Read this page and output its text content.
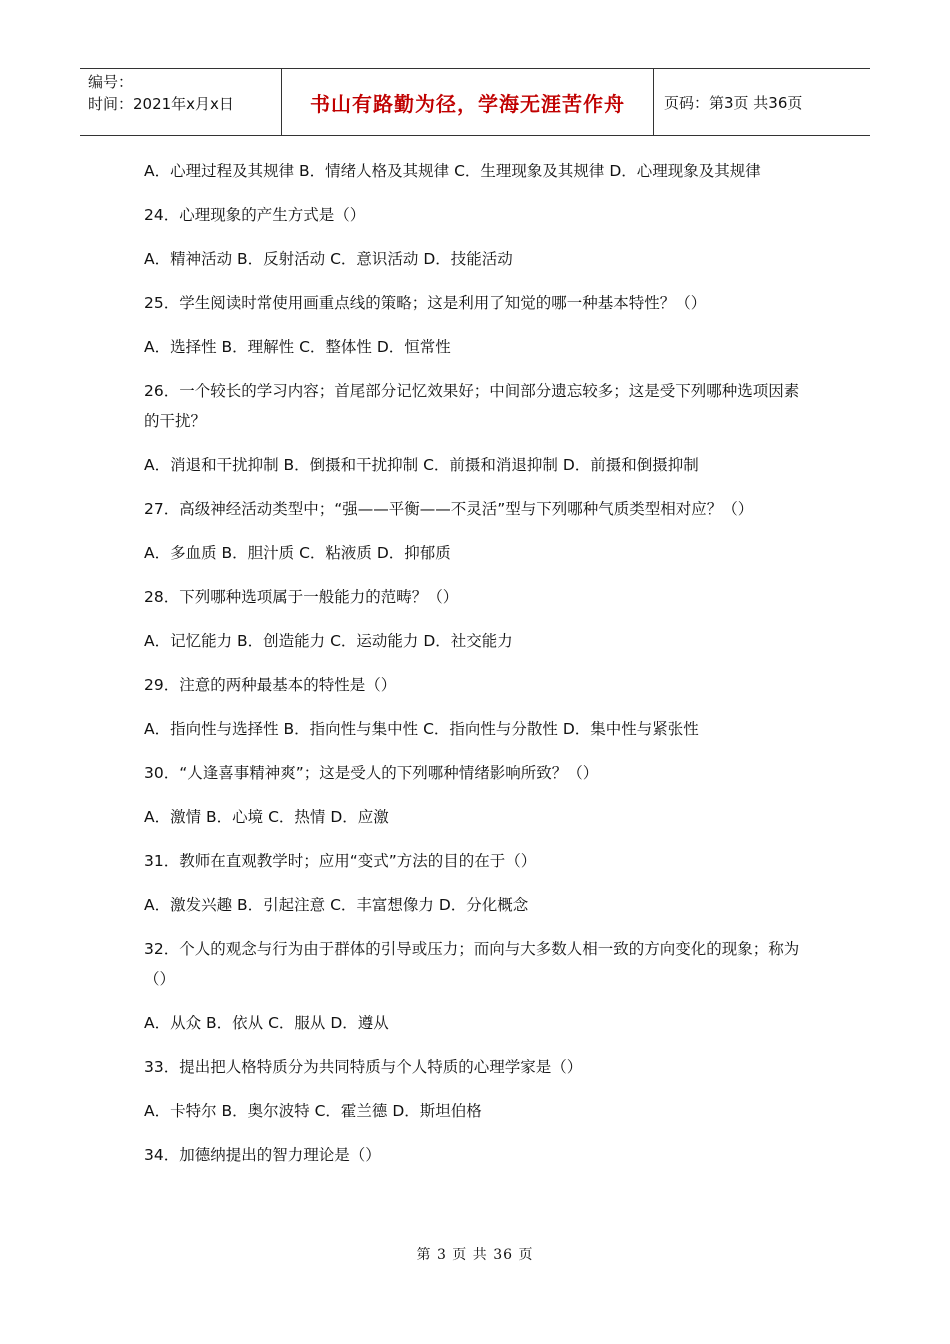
编号：
时间：2021年x月x日	书山有路勤为径，学海无涯苦作舟	页码：第3页 共36页

A．心理过程及其规律 B．情绪人格及其规律 C．生理现象及其规律 D．心理现象及其规律

24．心理现象的产生方式是（）

A．精神活动 B．反射活动 C．意识活动 D．技能活动

25．学生阅读时常使用画重点线的策略；这是利用了知觉的哪一种基本特性？（）

A．选择性 B．理解性 C．整体性 D．恒常性

26．一个较长的学习内容；首尾部分记忆效果好；中间部分遗忘较多；这是受下列哪种选项因素的干扰？

A．消退和干扰抑制 B．倒摄和干扰抑制 C．前摄和消退抑制 D．前摄和倒摄抑制

27．高级神经活动类型中；“强——平衡——不灵活”型与下列哪种气质类型相对应？（）

A．多血质 B．胆汁质 C．粘液质 D．抑郁质

28．下列哪种选项属于一般能力的范畴？（）

A．记忆能力 B．创造能力 C．运动能力 D．社交能力

29．注意的两种最基本的特性是（）

A．指向性与选择性 B．指向性与集中性 C．指向性与分散性 D．集中性与紧张性

30．“人逢喜事精神爽”；这是受人的下列哪种情绪影响所致？（）

A．激情 B．心境 C．热情 D．应激

31．教师在直观教学时；应用“变式”方法的目的在于（）

A．激发兴趣 B．引起注意 C．丰富想像力 D．分化概念

32．个人的观念与行为由于群体的引导或压力；而向与大多数人相一致的方向变化的现象；称为（）

A．从众 B．依从 C．服从 D．遵从

33．提出把人格特质分为共同特质与个人特质的心理学家是（）

A．卡特尔 B．奥尔波特 C．霍兰德 D．斯坦伯格

34．加德纳提出的智力理论是（）

第 3 页 共 36 页
